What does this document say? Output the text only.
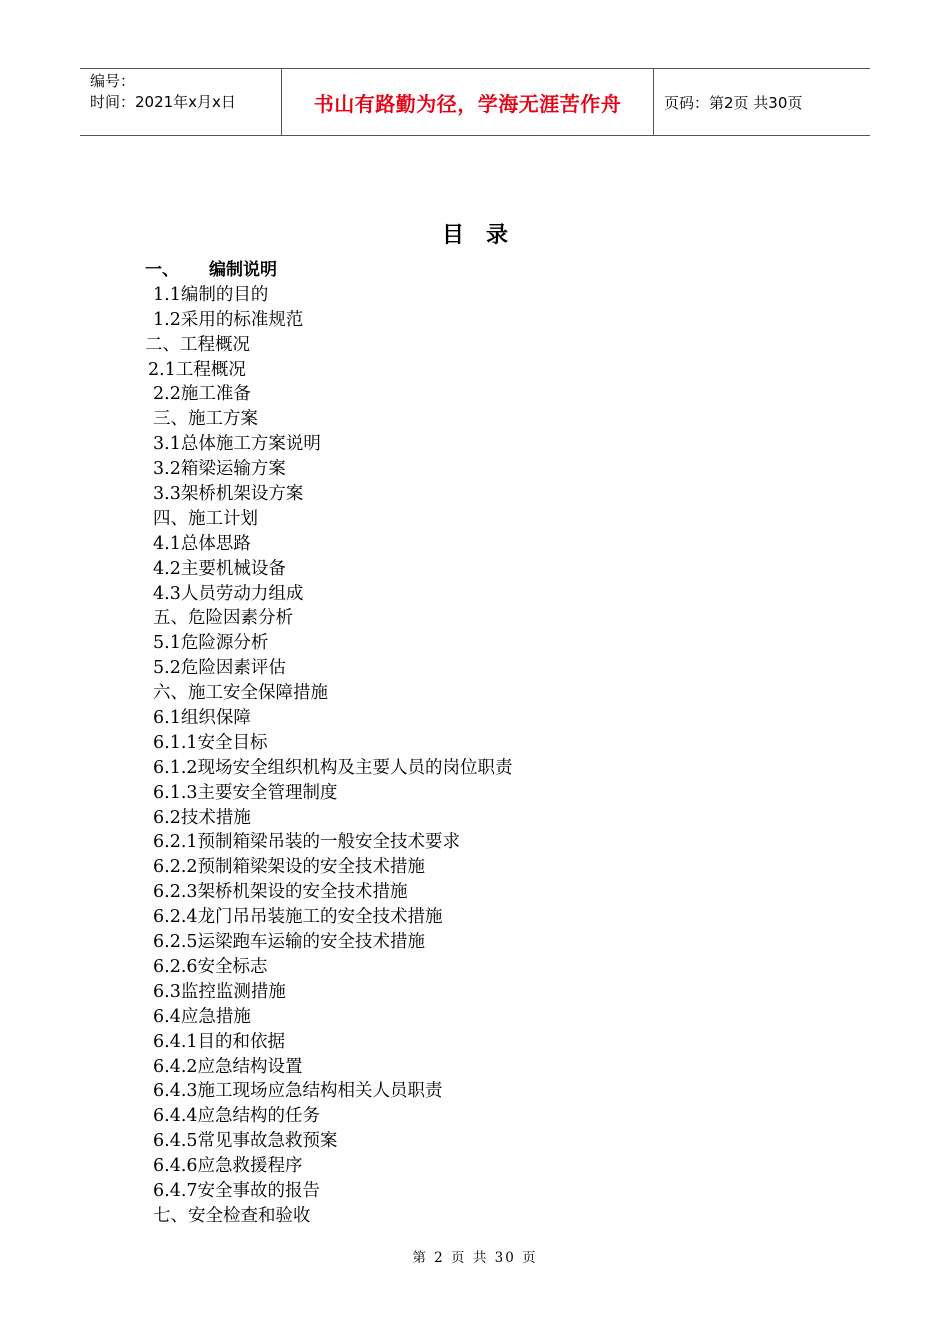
编号：
时间：2021年x月x日	书山有路勤为径，学海无涯苦作舟	页码：第2页 共30页
目录
一、 编制说明
1.1编制的目的
1.2采用的标准规范
二、工程概况
2.1工程概况
2.2施工准备
三、施工方案
3.1总体施工方案说明
3.2箱梁运输方案
3.3架桥机架设方案
四、施工计划
4.1总体思路
4.2主要机械设备
4.3人员劳动力组成
五、危险因素分析
5.1危险源分析
5.2危险因素评估
六、施工安全保障措施
6.1组织保障
6.1.1安全目标
6.1.2现场安全组织机构及主要人员的岗位职责
6.1.3主要安全管理制度
6.2技术措施
6.2.1预制箱梁吊装的一般安全技术要求
6.2.2预制箱梁架设的安全技术措施
6.2.3架桥机架设的安全技术措施
6.2.4龙门吊吊装施工的安全技术措施
6.2.5运梁跑车运输的安全技术措施
6.2.6安全标志
6.3监控监测措施
6.4应急措施
6.4.1目的和依据
6.4.2应急结构设置
6.4.3施工现场应急结构相关人员职责
6.4.4应急结构的任务
6.4.5常见事故急救预案
6.4.6应急救援程序
6.4.7安全事故的报告
七、安全检查和验收
第 2 页 共 30 页
